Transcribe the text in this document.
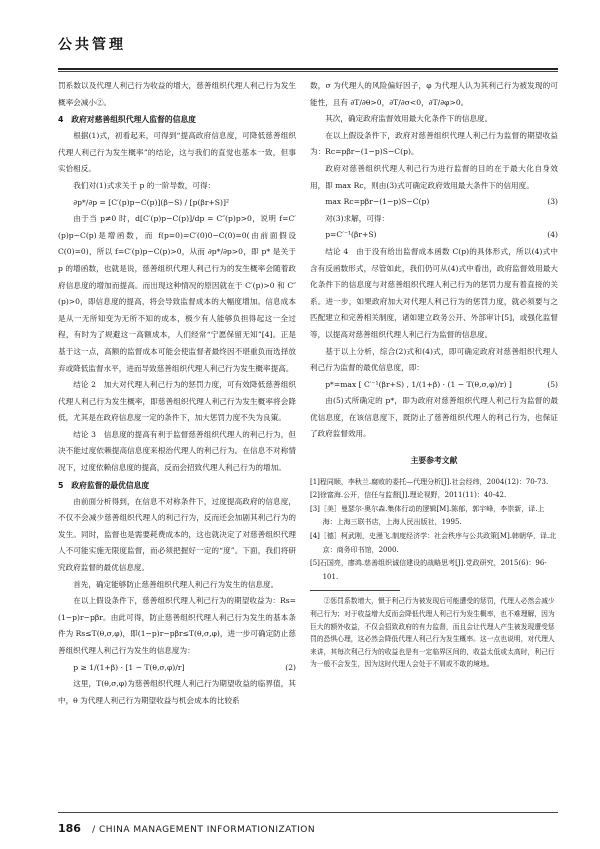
公共管理

罚系数以及代理人利己行为收益的增大，慈善组织代理人利己行为发生概率会减小②。

4　政府对慈善组织代理人监督的信息度

根据(1)式，初看起来，可得到“提高政府信息度，可降低慈善组织代理人利己行为发生概率”的结论，这与我们的直觉也基本一致，但事实恰相反。

我们对(1)式求关于 p 的一阶导数，可得：

∂p*/∂p = [C′(p)p−C(p)](β−S) / [p(βr+S)]²

由于当 p≠0 时，d[C′(p)p−C(p)]/dp = C″(p)p>0，说明 f=C′(p)p−C(p)是增函数，而 f(p=0)=C′(0)0−C(0)=0(由前面假设 C(0)=0)，所以 f=C′(p)p−C(p)>0，从而 ∂p*/∂p>0，即 p* 是关于 p 的增函数，也就是说，慈善组织代理人利己行为的发生概率会随着政府信息度的增加而提高。而出现这种情况的原因就在于 C′(p)>0 和 C″(p)>0，即信息度的提高，将会导致监督成本的大幅度增加。信息成本是从一无所知变为无所不知的成本，极少有人能够负担得起这一全过程，有时为了规避这一高额成本，人们经常“宁愿保留无知”[4]。正是基于这一点，高额的监督成本可能会使监督者最终因不堪重负而选择放弃或降低监督水平，进而导致慈善组织代理人利己行为发生概率提高。

结论 2　加大对代理人利己行为的惩罚力度，可有效降低慈善组织代理人利己行为发生概率，即慈善组织代理人利己行为发生概率将会降低，尤其是在政府信息度一定的条件下，加大惩罚力度不失为良策。

结论 3　信息度的提高有利于监督慈善组织代理人的利己行为，但决不能过度依赖提高信息度来根治代理人的利己行为。在信息不对称情况下，过度依赖信息度的提高，反而会招致代理人利己行为的增加。

5　政府监督的最优信息度

由前面分析得到，在信息不对称条件下，过度提高政府的信息度，不仅不会减少慈善组织代理人的利己行为，反而还会加剧其利己行为的发生。同时，监督也是需要耗费成本的，这也就决定了对慈善组织代理人不可能实施无限度监督，而必须把握好一定的“度”。下面，我们将研究政府监督的最优信息度。

首先，确定能够防止慈善组织代理人利己行为发生的信息度。

在以上假设条件下，慈善组织代理人利己行为的期望收益为：Rs=(1−p)r−pβr。由此可得，防止慈善组织代理人利己行为发生的基本条件为 Rs≤T(θ,σ,φ)，即(1−p)r−pβr≤T(θ,σ,φ)，进一步可确定防止慈善组织代理人利己行为发生的信息度为：

p ≥ 1/(1+β) · [1 − T(θ,σ,φ)/r]	(2)

这里，T(θ,σ,φ)为慈善组织代理人利己行为期望收益的临界值，其中，θ 为代理人利己行为期望收益与机会成本的比较系

数，σ 为代理人的风险偏好因子，φ 为代理人认为其利己行为被发现的可能性，且有 ∂T/∂θ>0，∂T/∂σ<0，∂T/∂φ>0。

其次，确定政府监督效用最大化条件下的信息度。

在以上假设条件下，政府对慈善组织代理人利己行为监督的期望收益为：Rc=pβr−(1−p)S−C(p)。

政府对慈善组织代理人利己行为进行监督的目的在于最大化自身效用，即 max Rc，则由(3)式可确定政府效用最大条件下的信用度。

max Rc=pβr−(1−p)S−C(p)	(3)

对(3)求解，可得：

p=C′⁻¹(βr+S)	(4)

结论 4　由于没有给出监督成本函数 C(p)的具体形式，所以(4)式中含有反函数形式，尽管如此，我们仍可从(4)式中看出，政府监督效用最大化条件下的信息度与对慈善组织代理人利己行为的惩罚力度有着直接的关系。进一步，如果政府加大对代理人利己行为的惩罚力度，就必须要与之匹配建立和完善相关制度，诸如建立政务公开、外部审计[5]，或强化监督等，以提高对慈善组织代理人利己行为监督的信息度。

基于以上分析，综合(2)式和(4)式，即可确定政府对慈善组织代理人利己行为监督的最优信息度，即：

p*=max [ C′⁻¹(βr+S) , 1/(1+β) · (1 − T(θ,σ,φ)/r) ]	(5)

由(5)式所确定的 p*，即为政府对慈善组织代理人利己行为监督的最优信息度，在该信息度下，既防止了慈善组织代理人的利己行为，也保证了政府监督效用。

主要参考文献
[1]程同顺，李秋兰.腐败的委托—代理分析[J].社会经纬，2004(12)：70-73.
[2]徐富海.公开，信任与监督[J].理论视野，2011(11)：40-42.
[3]［美］曼瑟尔·奥尔森.集体行动的逻辑[M].陈郁，郭宇峰，李崇新，译.上海：上海三联书店，上海人民出版社，1995.
[4]［德］柯武刚，史漫飞.制度经济学：社会秩序与公共政策[M].韩朝华，译.北京：商务印书馆，2000.
[5]石国亮，廖鸿.慈善组织诚信建设的战略思考[J].党政研究，2015(6)：96-101.
②惩罚系数增大，慑于利己行为被发现后可能遭受的惩罚，代理人必然会减少利己行为；对于收益增大反而会降低代理人利己行为发生概率，也不难理解，因为巨大的额外收益，不仅会招致政府的有力监督，而且会让代理人产生被发现遭受惩罚的恐惧心理，这必然会降低代理人利己行为发生概率。这一点也说明，对代理人来讲，其每次利己行为的收益也是有一定临界区间的，收益太低或太高时，利己行为一般不会发生，因为这时代理人会处于不屑或不敢的境地。
186 / CHINA MANAGEMENT INFORMATIONIZATION
